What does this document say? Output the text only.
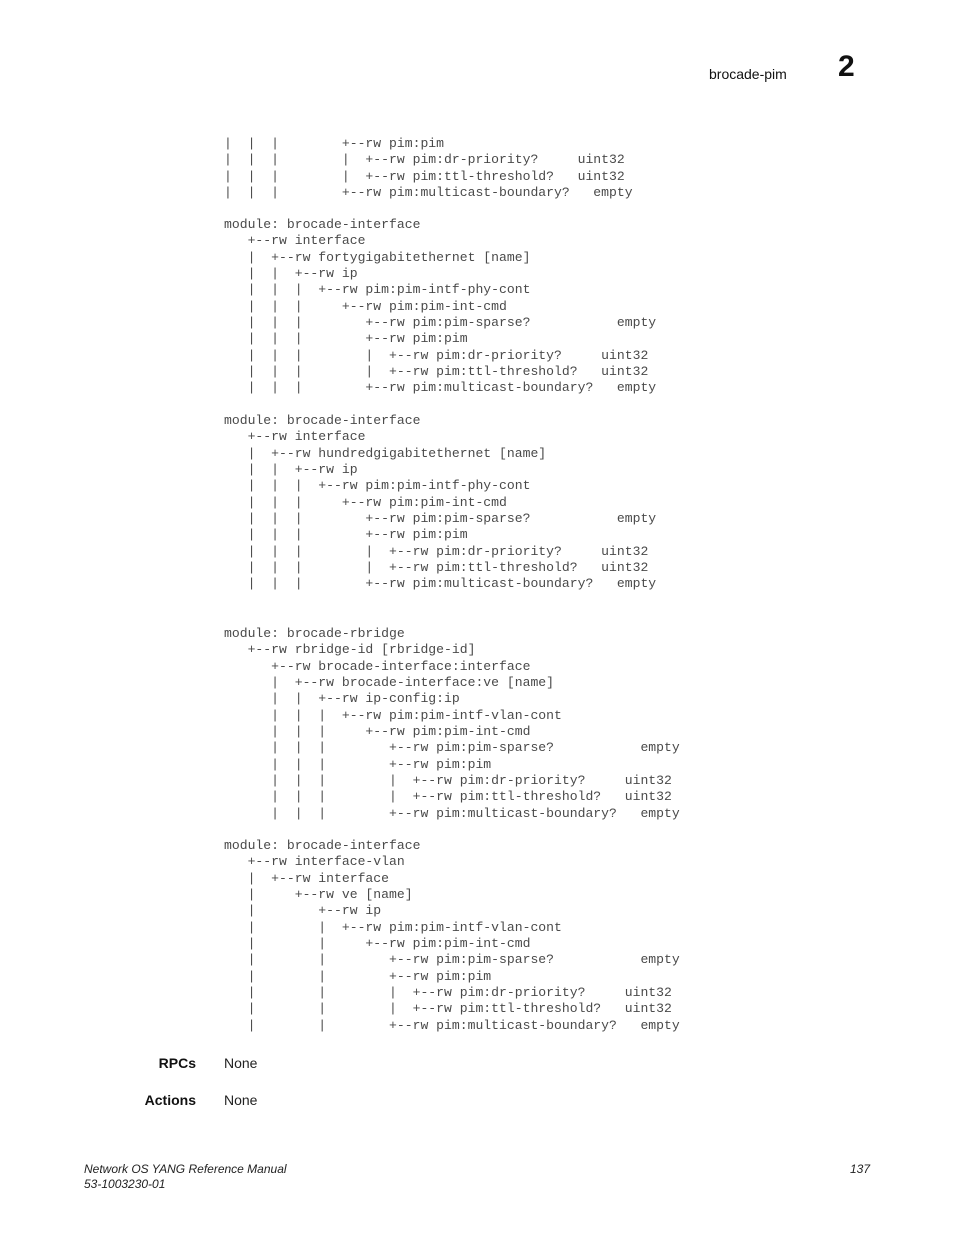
brocade-pim 2
|  |  |        +--rw pim:pim
|  |  |        |  +--rw pim:dr-priority?     uint32
|  |  |        |  +--rw pim:ttl-threshold?   uint32
|  |  |        +--rw pim:multicast-boundary?   empty
module: brocade-interface
+--rw interface
|  +--rw fortygigabitethernet [name]
|  |  +--rw ip
|  |  |  +--rw pim:pim-intf-phy-cont
|  |  |     +--rw pim:pim-int-cmd
|  |  |        +--rw pim:pim-sparse?           empty
|  |  |        +--rw pim:pim
|  |  |        |  +--rw pim:dr-priority?     uint32
|  |  |        |  +--rw pim:ttl-threshold?   uint32
|  |  |        +--rw pim:multicast-boundary?   empty
module: brocade-interface
+--rw interface
|  +--rw hundredgigabitethernet [name]
|  |  +--rw ip
|  |  |  +--rw pim:pim-intf-phy-cont
|  |  |     +--rw pim:pim-int-cmd
|  |  |        +--rw pim:pim-sparse?           empty
|  |  |        +--rw pim:pim
|  |  |        |  +--rw pim:dr-priority?     uint32
|  |  |        |  +--rw pim:ttl-threshold?   uint32
|  |  |        +--rw pim:multicast-boundary?   empty
module: brocade-rbridge
+--rw rbridge-id [rbridge-id]
+--rw brocade-interface:interface
|  +--rw brocade-interface:ve [name]
|  |  +--rw ip-config:ip
|  |  |  +--rw pim:pim-intf-vlan-cont
|  |  |     +--rw pim:pim-int-cmd
|  |  |        +--rw pim:pim-sparse?           empty
|  |  |        +--rw pim:pim
|  |  |        |  +--rw pim:dr-priority?     uint32
|  |  |        |  +--rw pim:ttl-threshold?   uint32
|  |  |        +--rw pim:multicast-boundary?   empty
module: brocade-interface
+--rw interface-vlan
|  +--rw interface
|     +--rw ve [name]
|        +--rw ip
|        |  +--rw pim:pim-intf-vlan-cont
|        |     +--rw pim:pim-int-cmd
|        |        +--rw pim:pim-sparse?           empty
|        |        +--rw pim:pim
|        |        |  +--rw pim:dr-priority?     uint32
|        |        |  +--rw pim:ttl-threshold?   uint32
|        |        +--rw pim:multicast-boundary?   empty
RPCs None
Actions None
Network OS YANG Reference Manual
53-1003230-01
137
